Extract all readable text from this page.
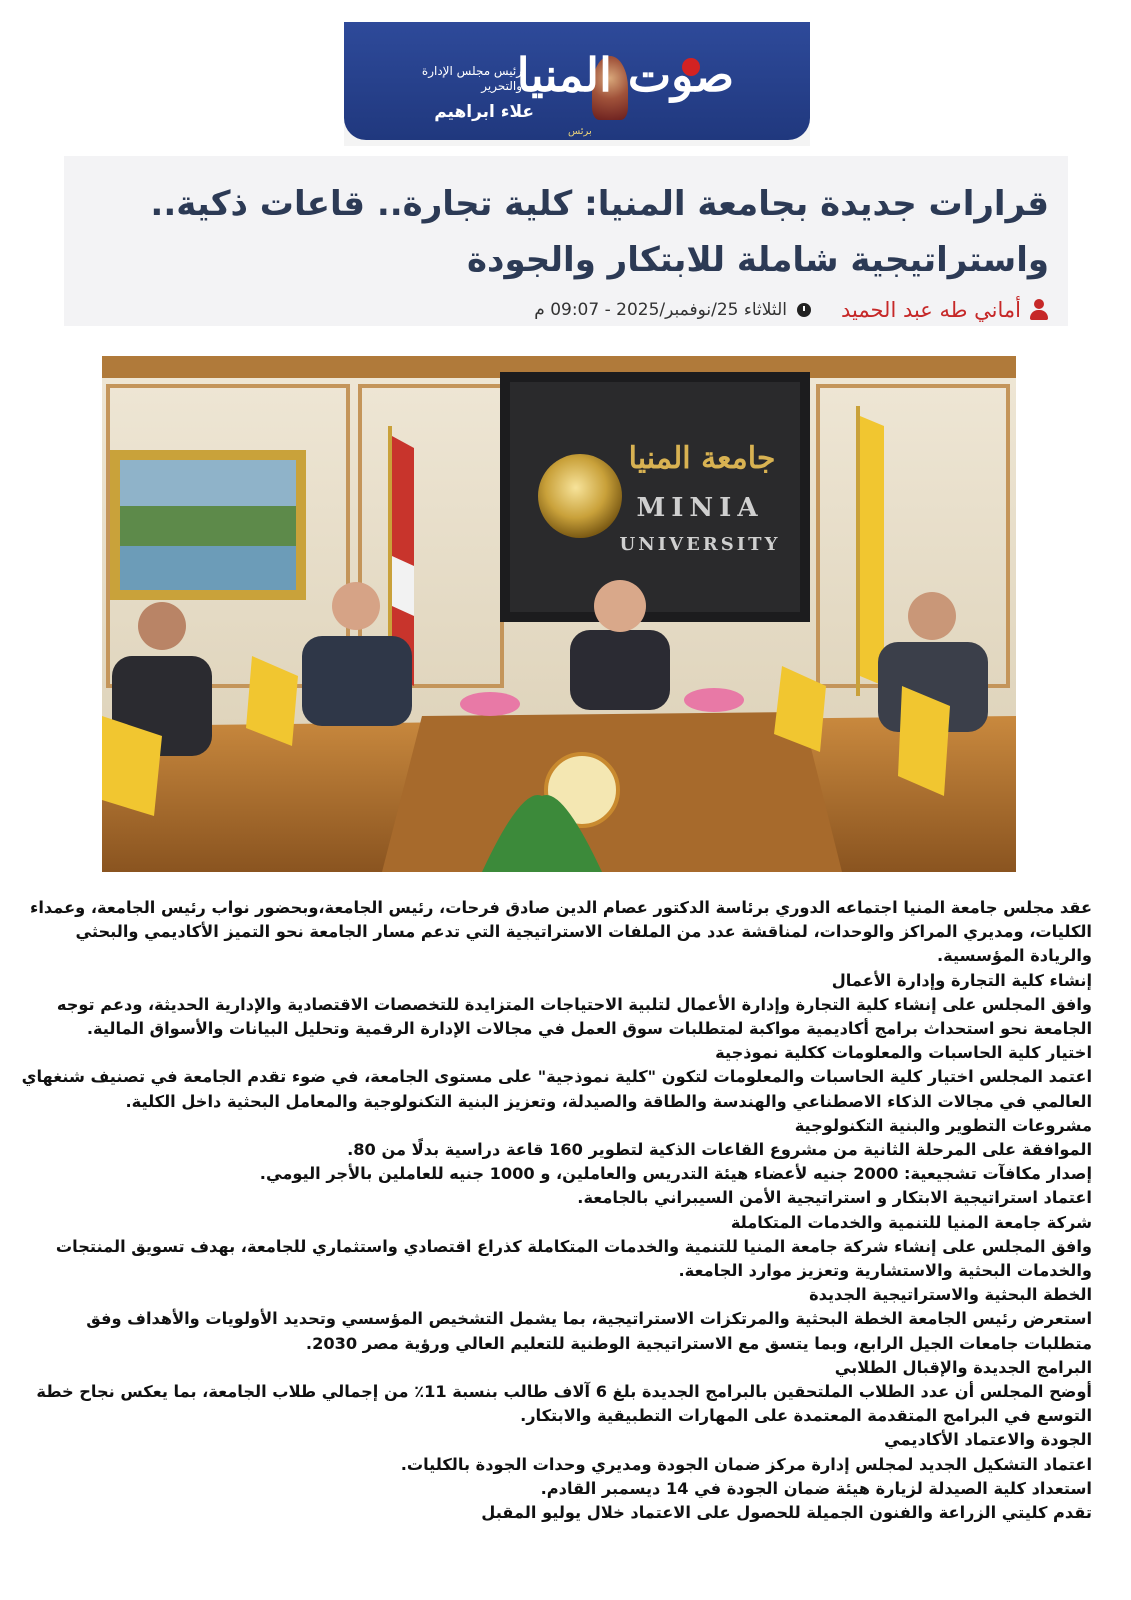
صوت المنيا
برئس
رئيس مجلس الإدارة والتحرير
علاء ابراهيم
قرارات جديدة بجامعة المنيا: كلية تجارة.. قاعات ذكية.. واستراتيجية شاملة للابتكار والجودة
أماني طه عبد الحميد
الثلاثاء 25/نوفمبر/2025 - 09:07 م
جامعة المنيا
MINIA
UNIVERSITY

عقد مجلس جامعة المنيا اجتماعه الدوري برئاسة الدكتور عصام الدين صادق فرحات، رئيس الجامعة،وبحضور نواب رئيس الجامعة، وعمداء الكليات، ومديري المراكز والوحدات، لمناقشة عدد من الملفات الاستراتيجية التي تدعم مسار الجامعة نحو التميز الأكاديمي والبحثي والريادة المؤسسية.

إنشاء كلية التجارة وإدارة الأعمال

وافق المجلس على إنشاء كلية التجارة وإدارة الأعمال لتلبية الاحتياجات المتزايدة للتخصصات الاقتصادية والإدارية الحديثة، ودعم توجه الجامعة نحو استحداث برامج أكاديمية مواكبة لمتطلبات سوق العمل في مجالات الإدارة الرقمية وتحليل البيانات والأسواق المالية.

اختيار كلية الحاسبات والمعلومات ككلية نموذجية

اعتمد المجلس اختيار كلية الحاسبات والمعلومات لتكون "كلية نموذجية" على مستوى الجامعة، في ضوء تقدم الجامعة في تصنيف شنغهاي العالمي في مجالات الذكاء الاصطناعي والهندسة والطاقة والصيدلة، وتعزيز البنية التكنولوجية والمعامل البحثية داخل الكلية.

مشروعات التطوير والبنية التكنولوجية

الموافقة على المرحلة الثانية من مشروع القاعات الذكية لتطوير 160 قاعة دراسية بدلًا من 80.

إصدار مكافآت تشجيعية: 2000 جنيه لأعضاء هيئة التدريس والعاملين، و 1000 جنيه للعاملين بالأجر اليومي.

اعتماد استراتيجية الابتكار و استراتيجية الأمن السيبراني بالجامعة.

شركة جامعة المنيا للتنمية والخدمات المتكاملة

وافق المجلس على إنشاء شركة جامعة المنيا للتنمية والخدمات المتكاملة كذراع اقتصادي واستثماري للجامعة، بهدف تسويق المنتجات والخدمات البحثية والاستشارية وتعزيز موارد الجامعة.

الخطة البحثية والاستراتيجية الجديدة

استعرض رئيس الجامعة الخطة البحثية والمرتكزات الاستراتيجية، بما يشمل التشخيص المؤسسي وتحديد الأولويات والأهداف وفق متطلبات جامعات الجيل الرابع، وبما يتسق مع الاستراتيجية الوطنية للتعليم العالي ورؤية مصر 2030.

البرامج الجديدة والإقبال الطلابي

أوضح المجلس أن عدد الطلاب الملتحقين بالبرامج الجديدة بلغ 6 آلاف طالب بنسبة 11٪ من إجمالي طلاب الجامعة، بما يعكس نجاح خطة التوسع في البرامج المتقدمة المعتمدة على المهارات التطبيقية والابتكار.

الجودة والاعتماد الأكاديمي

اعتماد التشكيل الجديد لمجلس إدارة مركز ضمان الجودة ومديري وحدات الجودة بالكليات.

استعداد كلية الصيدلة لزيارة هيئة ضمان الجودة في 14 ديسمبر القادم.

تقدم كليتي الزراعة والفنون الجميلة للحصول على الاعتماد خلال يوليو المقبل
